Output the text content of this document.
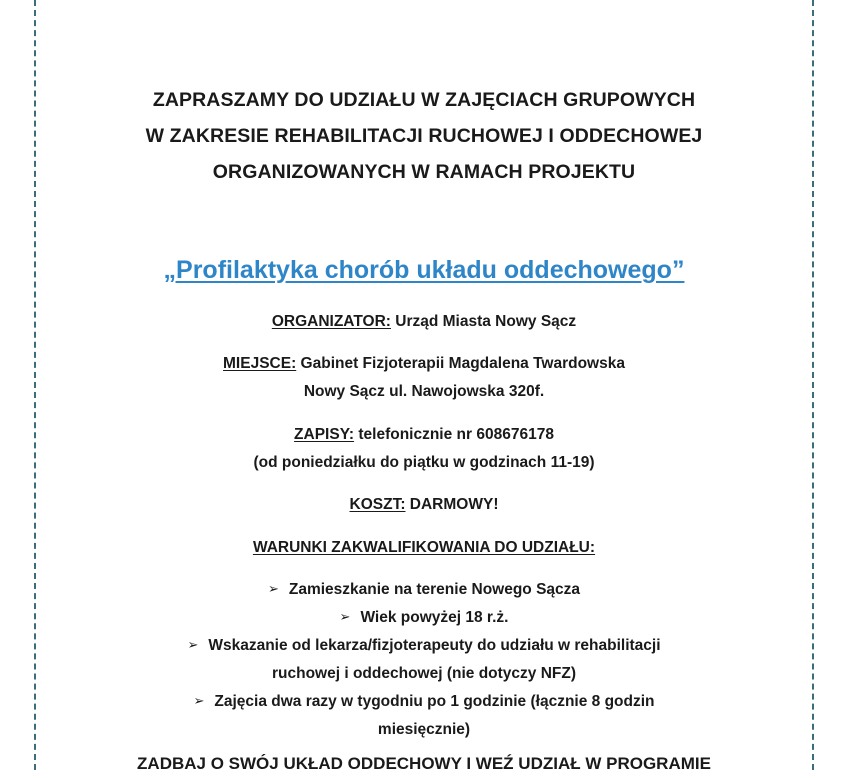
ZAPRASZAMY DO UDZIAŁU W ZAJĘCIACH GRUPOWYCH
W ZAKRESIE REHABILITACJI RUCHOWEJ I ODDECHOWEJ
ORGANIZOWANYCH W RAMACH PROJEKTU
„Profilaktyka chorób układu oddechowego”
ORGANIZATOR: Urząd Miasta Nowy Sącz
MIEJSCE: Gabinet Fizjoterapii Magdalena Twardowska
Nowy Sącz ul. Nawojowska 320f.
ZAPISY: telefonicznie nr 608676178
(od poniedziałku do piątku w godzinach 11-19)
KOSZT: DARMOWY!
WARUNKI ZAKWALIFIKOWANIA DO UDZIAŁU:
➢ Zamieszkanie na terenie Nowego Sącza
➢ Wiek powyżej 18 r.ż.
➢ Wskazanie od lekarza/fizjoterapeuty do udziału w rehabilitacji
ruchowej i oddechowej (nie dotyczy NFZ)
➢ Zajęcia dwa razy w tygodniu po 1 godzinie (łącznie 8 godzin
miesięcznie)
ZADBAJ O SWÓJ UKŁAD ODDECHOWY I WEŹ UDZIAŁ W PROGRAMIE
